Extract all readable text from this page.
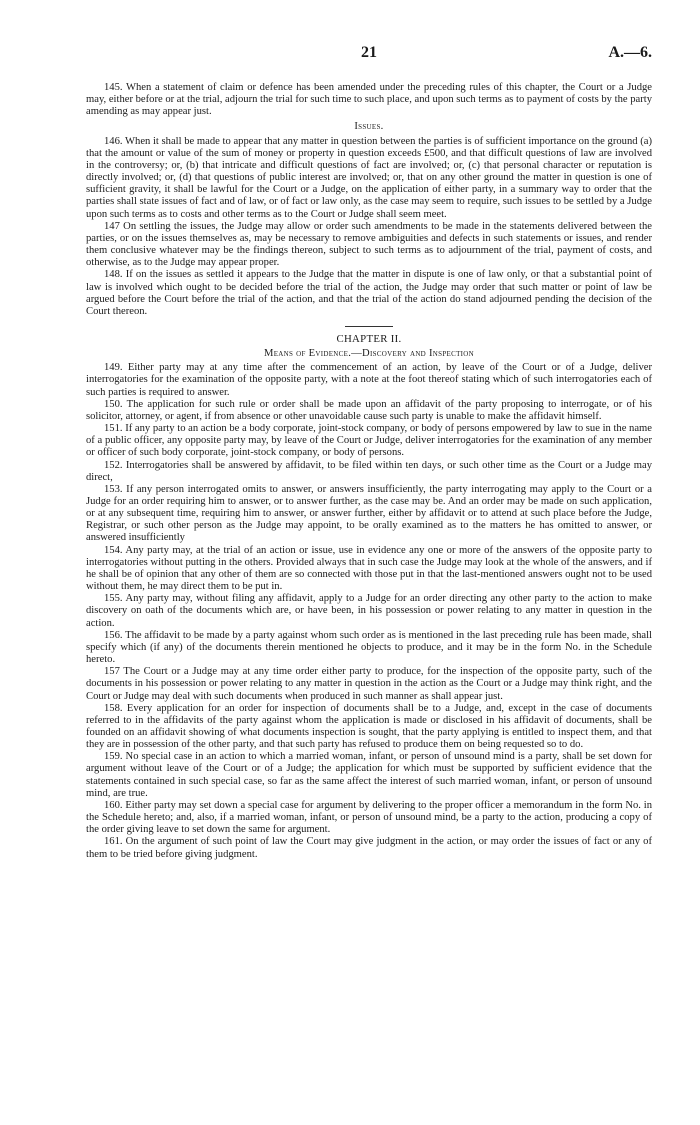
21	A.—6.

145. When a statement of claim or defence has been amended under the preceding rules of this chapter, the Court or a Judge may, either before or at the trial, adjourn the trial for such time to such place, and upon such terms as to payment of costs by the party amending as may appear just.

Issues.

146. When it shall be made to appear that any matter in question between the parties is of sufficient importance on the ground (a) that the amount or value of the sum of money or property in question exceeds £500, and that difficult questions of law are involved in the controversy; or, (b) that intricate and difficult questions of fact are involved; or, (c) that personal character or reputation is directly involved; or, (d) that questions of public interest are involved; or, that on any other ground the matter in question is one of sufficient gravity, it shall be lawful for the Court or a Judge, on the application of either party, in a summary way to order that the parties shall state issues of fact and of law, or of fact or law only, as the case may seem to require, such issues to be settled by a Judge upon such terms as to costs and other terms as to the Court or Judge shall seem meet.

147 On settling the issues, the Judge may allow or order such amendments to be made in the statements delivered between the parties, or on the issues themselves as, may be necessary to remove ambiguities and defects in such statements or issues, and render them conclusive whatever may be the findings thereon, subject to such terms as to adjournment of the trial, payment of costs, and otherwise, as to the Judge may appear proper.

148. If on the issues as settled it appears to the Judge that the matter in dispute is one of law only, or that a substantial point of law is involved which ought to be decided before the trial of the action, the Judge may order that such matter or point of law be argued before the Court before the trial of the action, and that the trial of the action do stand adjourned pending the decision of the Court thereon.

CHAPTER II.
Means of Evidence.—Discovery and Inspection

149. Either party may at any time after the commencement of an action, by leave of the Court or of a Judge, deliver interrogatories for the examination of the opposite party, with a note at the foot thereof stating which of such interrogatories each of such parties is required to answer.

150. The application for such rule or order shall be made upon an affidavit of the party proposing to interrogate, or of his solicitor, attorney, or agent, if from absence or other unavoidable cause such party is unable to make the affidavit himself.

151. If any party to an action be a body corporate, joint-stock company, or body of persons empowered by law to sue in the name of a public officer, any opposite party may, by leave of the Court or Judge, deliver interrogatories for the examination of any member or officer of such body corporate, joint-stock company, or body of persons.

152. Interrogatories shall be answered by affidavit, to be filed within ten days, or such other time as the Court or a Judge may direct,

153. If any person interrogated omits to answer, or answers insufficiently, the party interrogating may apply to the Court or a Judge for an order requiring him to answer, or to answer further, as the case may be. And an order may be made on such application, or at any subsequent time, requiring him to answer, or answer further, either by affidavit or to attend at such place before the Judge, Registrar, or such other person as the Judge may appoint, to be orally examined as to the matters he has omitted to answer, or answered insufficiently

154. Any party may, at the trial of an action or issue, use in evidence any one or more of the answers of the opposite party to interrogatories without putting in the others. Provided always that in such case the Judge may look at the whole of the answers, and if he shall be of opinion that any other of them are so connected with those put in that the last-mentioned answers ought not to be used without them, he may direct them to be put in.

155. Any party may, without filing any affidavit, apply to a Judge for an order directing any other party to the action to make discovery on oath of the documents which are, or have been, in his possession or power relating to any matter in question in the action.

156. The affidavit to be made by a party against whom such order as is mentioned in the last preceding rule has been made, shall specify which (if any) of the documents therein mentioned he objects to produce, and it may be in the form No. in the Schedule hereto.

157 The Court or a Judge may at any time order either party to produce, for the inspection of the opposite party, such of the documents in his possession or power relating to any matter in question in the action as the Court or a Judge may think right, and the Court or Judge may deal with such documents when produced in such manner as shall appear just.

158. Every application for an order for inspection of documents shall be to a Judge, and, except in the case of documents referred to in the affidavits of the party against whom the application is made or disclosed in his affidavit of documents, shall be founded on an affidavit showing of what documents inspection is sought, that the party applying is entitled to inspect them, and that they are in possession of the other party, and that such party has refused to produce them on being requested so to do.

159. No special case in an action to which a married woman, infant, or person of unsound mind is a party, shall be set down for argument without leave of the Court or of a Judge; the application for which must be supported by sufficient evidence that the statements contained in such special case, so far as the same affect the interest of such married woman, infant, or person of unsound mind, are true.

160. Either party may set down a special case for argument by delivering to the proper officer a memorandum in the form No. in the Schedule hereto; and, also, if a married woman, infant, or person of unsound mind, be a party to the action, producing a copy of the order giving leave to set down the same for argument.

161. On the argument of such point of law the Court may give judgment in the action, or may order the issues of fact or any of them to be tried before giving judgment.
